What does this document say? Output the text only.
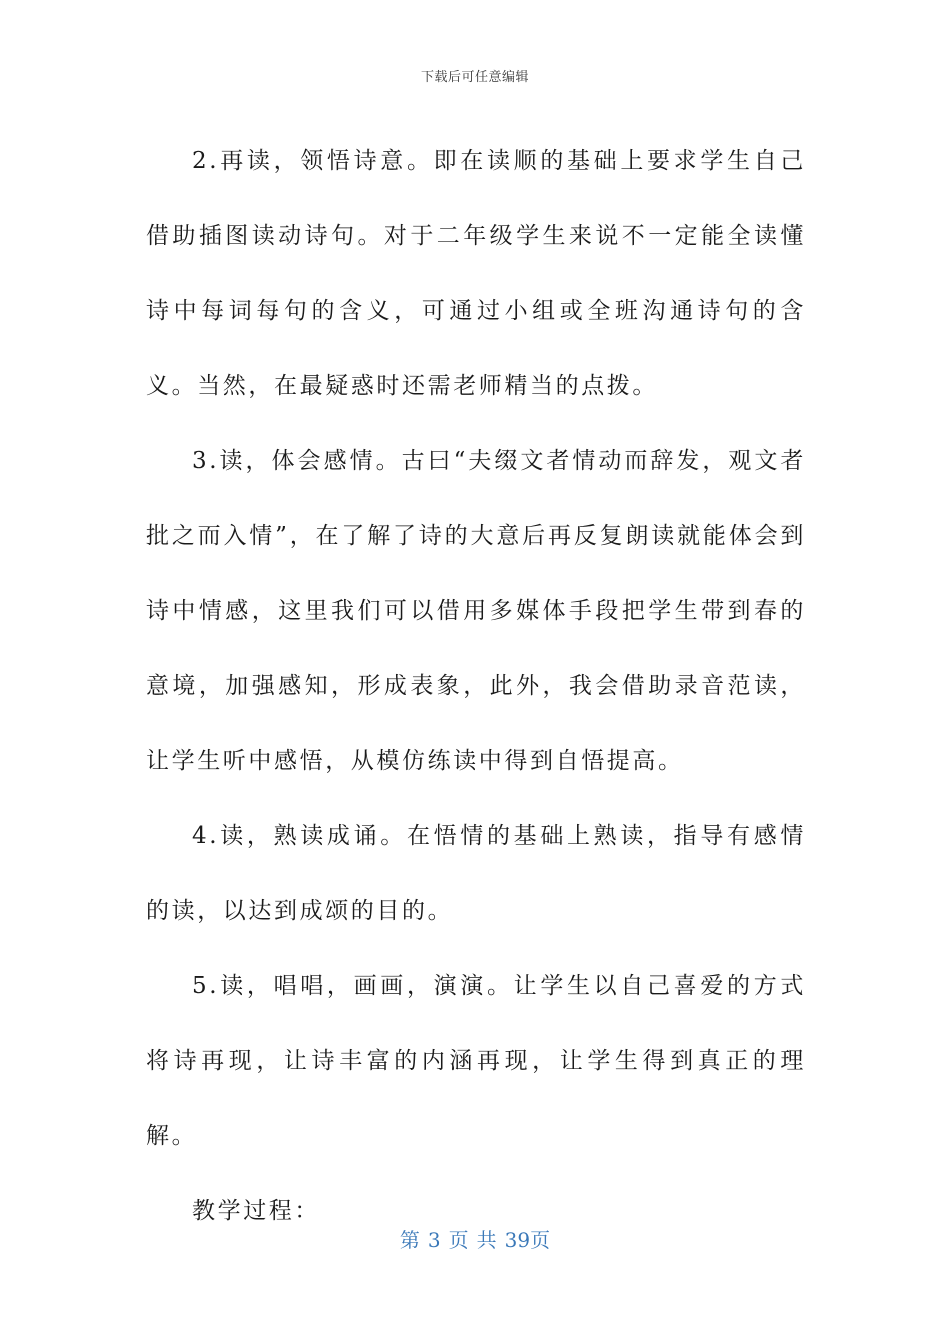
下载后可任意编辑

2.再读，领悟诗意。即在读顺的基础上要求学生自己借助插图读动诗句。对于二年级学生来说不一定能全读懂诗中每词每句的含义，可通过小组或全班沟通诗句的含义。当然，在最疑惑时还需老师精当的点拨。

3.读，体会感情。古曰“夫缀文者情动而辞发，观文者批之而入情”，在了解了诗的大意后再反复朗读就能体会到诗中情感，这里我们可以借用多媒体手段把学生带到春的意境，加强感知，形成表象，此外，我会借助录音范读，让学生听中感悟，从模仿练读中得到自悟提高。

4.读，熟读成诵。在悟情的基础上熟读，指导有感情的读，以达到成颂的目的。

5.读，唱唱，画画，演演。让学生以自己喜爱的方式将诗再现，让诗丰富的内涵再现，让学生得到真正的理解。

教学过程：

第 3 页 共 39页
